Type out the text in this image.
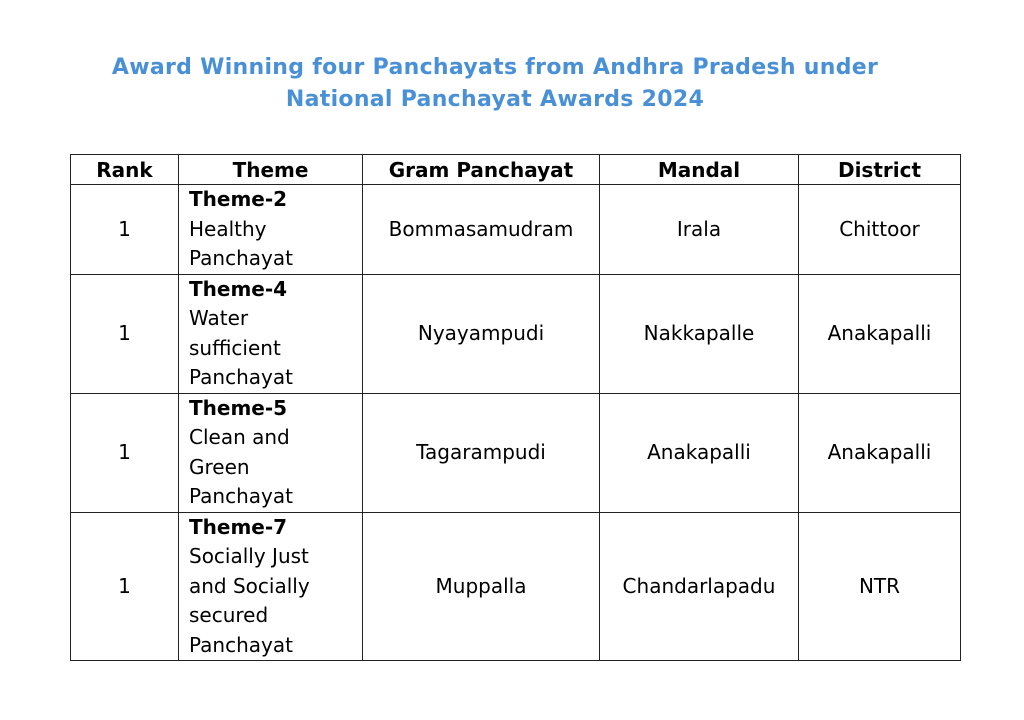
Award Winning four Panchayats from Andhra Pradesh under
National Panchayat Awards 2024
Rank	Theme	Gram Panchayat	Mandal	District
1	Theme-2
Healthy
Panchayat	Bommasamudram	Irala	Chittoor
1	Theme-4
Water
sufficient
Panchayat	Nyayampudi	Nakkapalle	Anakapalli
1	Theme-5
Clean and
Green
Panchayat	Tagarampudi	Anakapalli	Anakapalli
1	Theme-7
Socially Just
and Socially
secured
Panchayat	Muppalla	Chandarlapadu	NTR
